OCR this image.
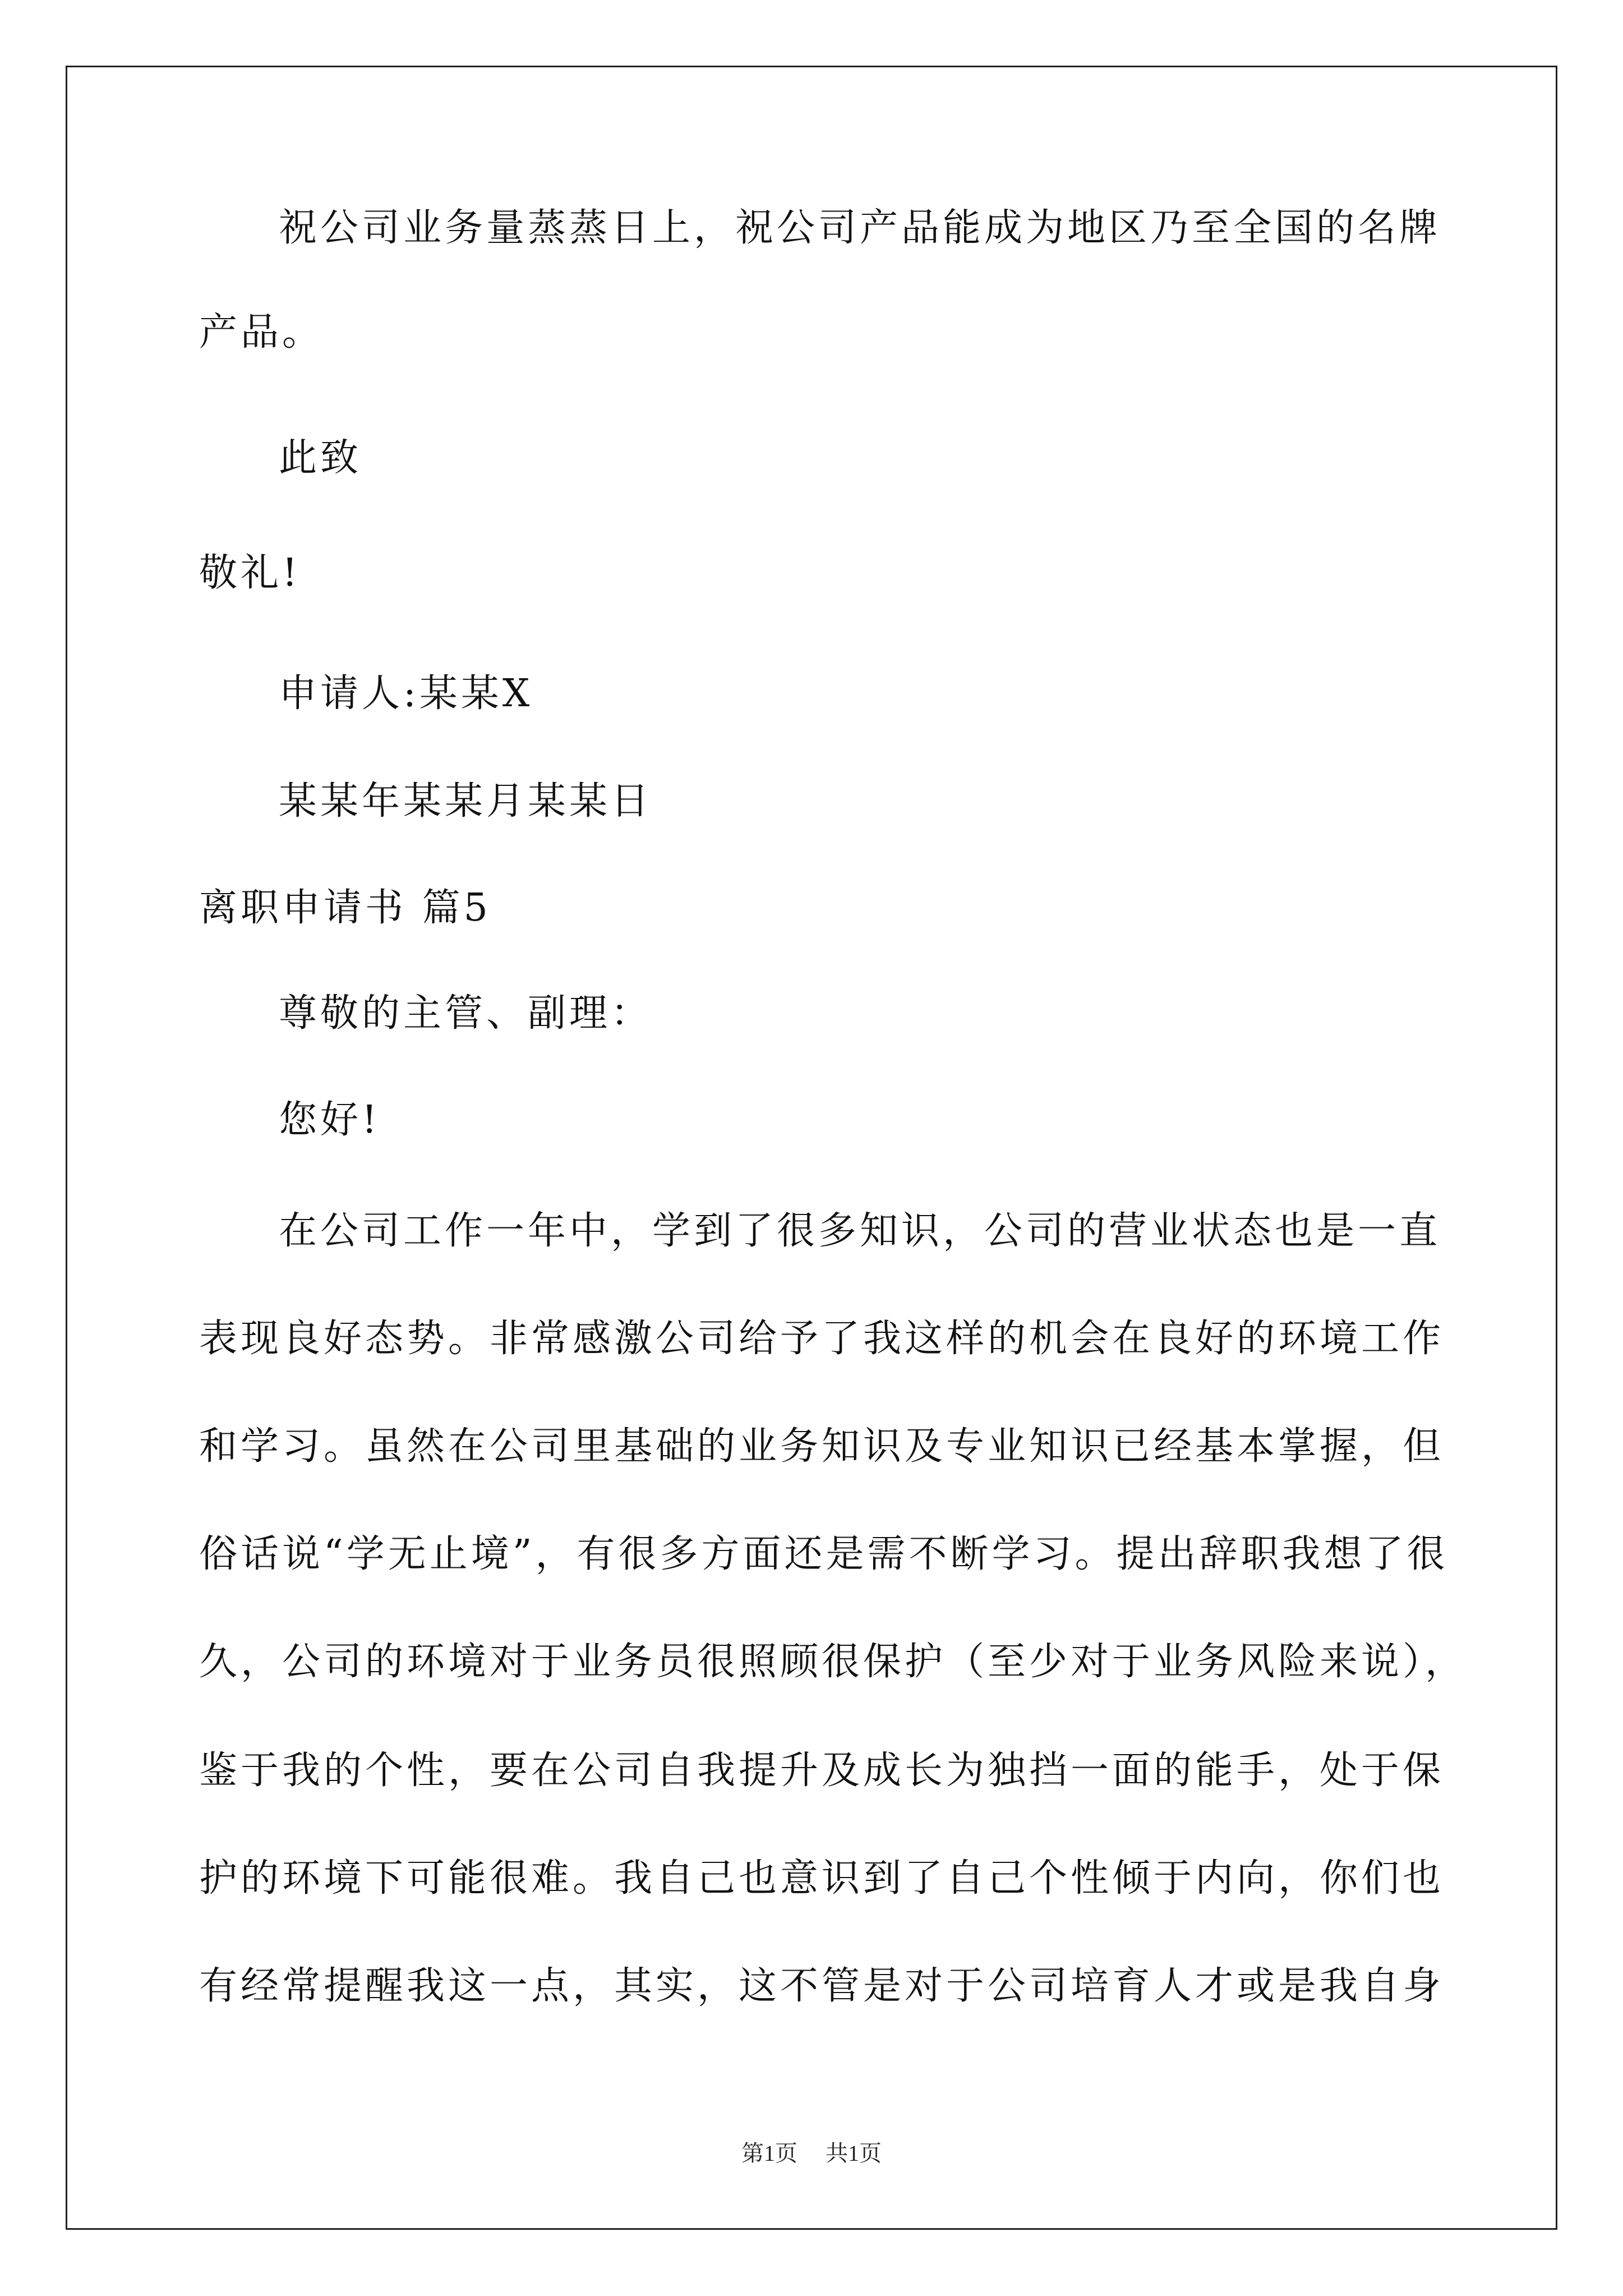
祝公司业务量蒸蒸日上，祝公司产品能成为地区乃至全国的名牌
产品。
此致
敬礼!
申请人:某某X
某某年某某月某某日
离职申请书 篇5
尊敬的主管、副理：
您好!
在公司工作一年中，学到了很多知识，公司的营业状态也是一直
表现良好态势。非常感激公司给予了我这样的机会在良好的环境工作
和学习。虽然在公司里基础的业务知识及专业知识已经基本掌握，但
俗话说“学无止境”，有很多方面还是需不断学习。提出辞职我想了很
久，公司的环境对于业务员很照顾很保护（至少对于业务风险来说），
鉴于我的个性，要在公司自我提升及成长为独挡一面的能手，处于保
护的环境下可能很难。我自己也意识到了自己个性倾于内向，你们也
有经常提醒我这一点，其实，这不管是对于公司培育人才或是我自身
第1页 共1页
